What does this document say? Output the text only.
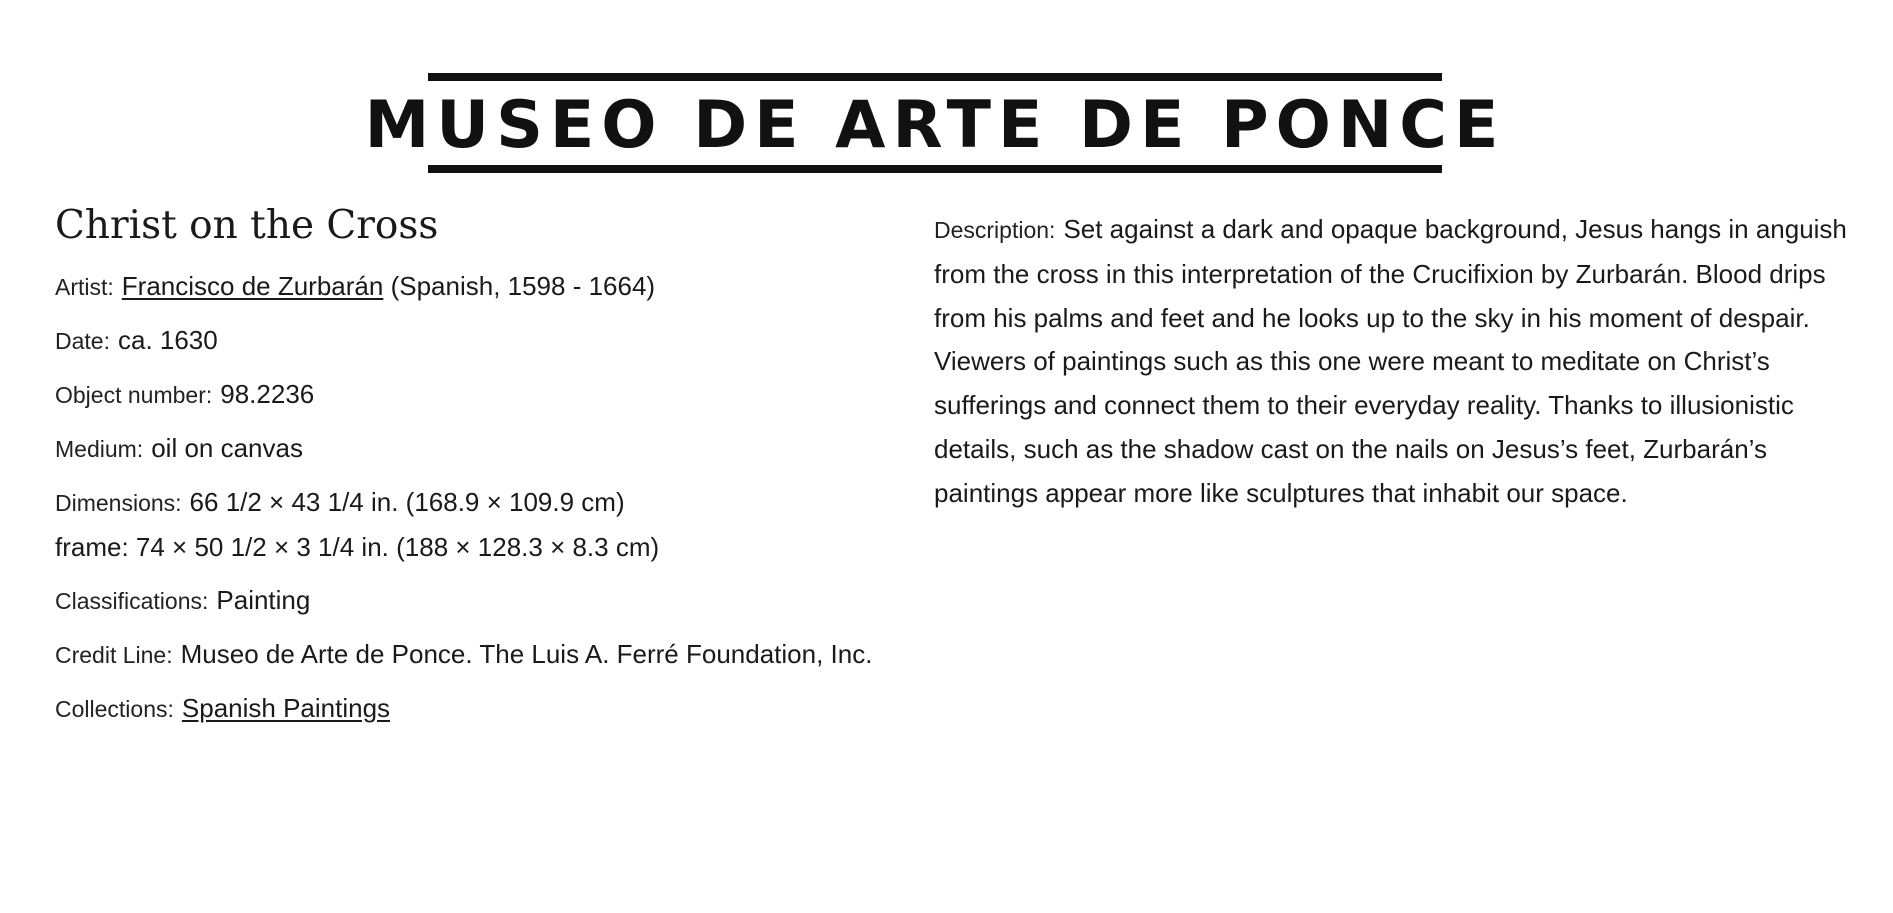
MUSEO DE ARTE DE PONCE
Christ on the Cross
Artist: Francisco de Zurbarán (Spanish, 1598 - 1664)
Date: ca. 1630
Object number: 98.2236
Medium: oil on canvas
Dimensions: 66 1/2 × 43 1/4 in. (168.9 × 109.9 cm)
frame: 74 × 50 1/2 × 3 1/4 in. (188 × 128.3 × 8.3 cm)
Classifications: Painting
Credit Line: Museo de Arte de Ponce. The Luis A. Ferré Foundation, Inc.
Collections: Spanish Paintings
Description: Set against a dark and opaque background, Jesus hangs in anguish from the cross in this interpretation of the Crucifixion by Zurbarán. Blood drips from his palms and feet and he looks up to the sky in his moment of despair. Viewers of paintings such as this one were meant to meditate on Christ’s sufferings and connect them to their everyday reality. Thanks to illusionistic details, such as the shadow cast on the nails on Jesus’s feet, Zurbarán’s paintings appear more like sculptures that inhabit our space.
